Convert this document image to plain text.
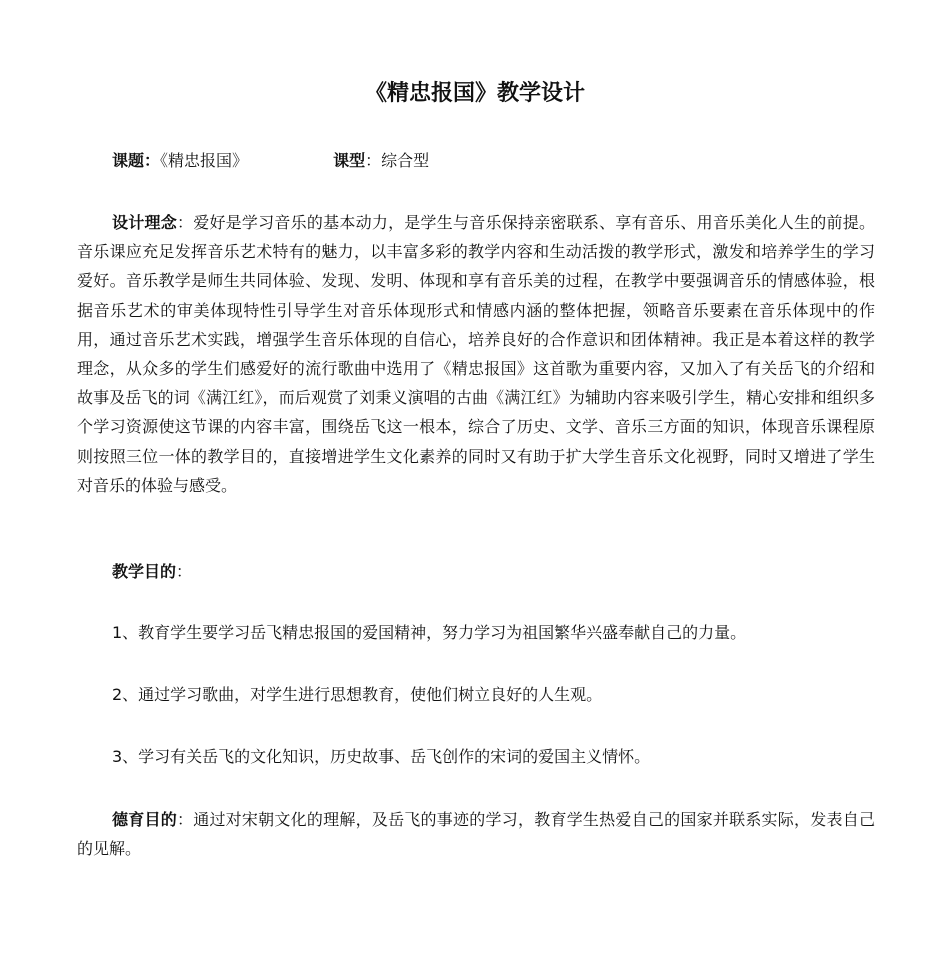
《精忠报国》教学设计
课题：《精忠报国》	课型：综合型

设计理念：爱好是学习音乐的基本动力，是学生与音乐保持亲密联系、享有音乐、用音乐美化人生的前提。音乐课应充足发挥音乐艺术特有的魅力，以丰富多彩的教学内容和生动活拨的教学形式，激发和培养学生的学习爱好。音乐教学是师生共同体验、发现、发明、体现和享有音乐美的过程，在教学中要强调音乐的情感体验，根据音乐艺术的审美体现特性引导学生对音乐体现形式和情感内涵的整体把握，领略音乐要素在音乐体现中的作用，通过音乐艺术实践，增强学生音乐体现的自信心，培养良好的合作意识和团体精神。我正是本着这样的教学理念，从众多的学生们感爱好的流行歌曲中选用了《精忠报国》这首歌为重要内容，又加入了有关岳飞的介绍和故事及岳飞的词《满江红》，而后观赏了刘秉义演唱的古曲《满江红》为辅助内容来吸引学生，精心安排和组织多个学习资源使这节课的内容丰富，围绕岳飞这一根本，综合了历史、文学、音乐三方面的知识，体现音乐课程原则按照三位一体的教学目的，直接增进学生文化素养的同时又有助于扩大学生音乐文化视野，同时又增进了学生对音乐的体验与感受。

教学目的：

1、教育学生要学习岳飞精忠报国的爱国精神，努力学习为祖国繁华兴盛奉献自己的力量。

2、通过学习歌曲，对学生进行思想教育，使他们树立良好的人生观。

3、学习有关岳飞的文化知识，历史故事、岳飞创作的宋词的爱国主义情怀。

德育目的：通过对宋朝文化的理解，及岳飞的事迹的学习，教育学生热爱自己的国家并联系实际，发表自己的见解。
